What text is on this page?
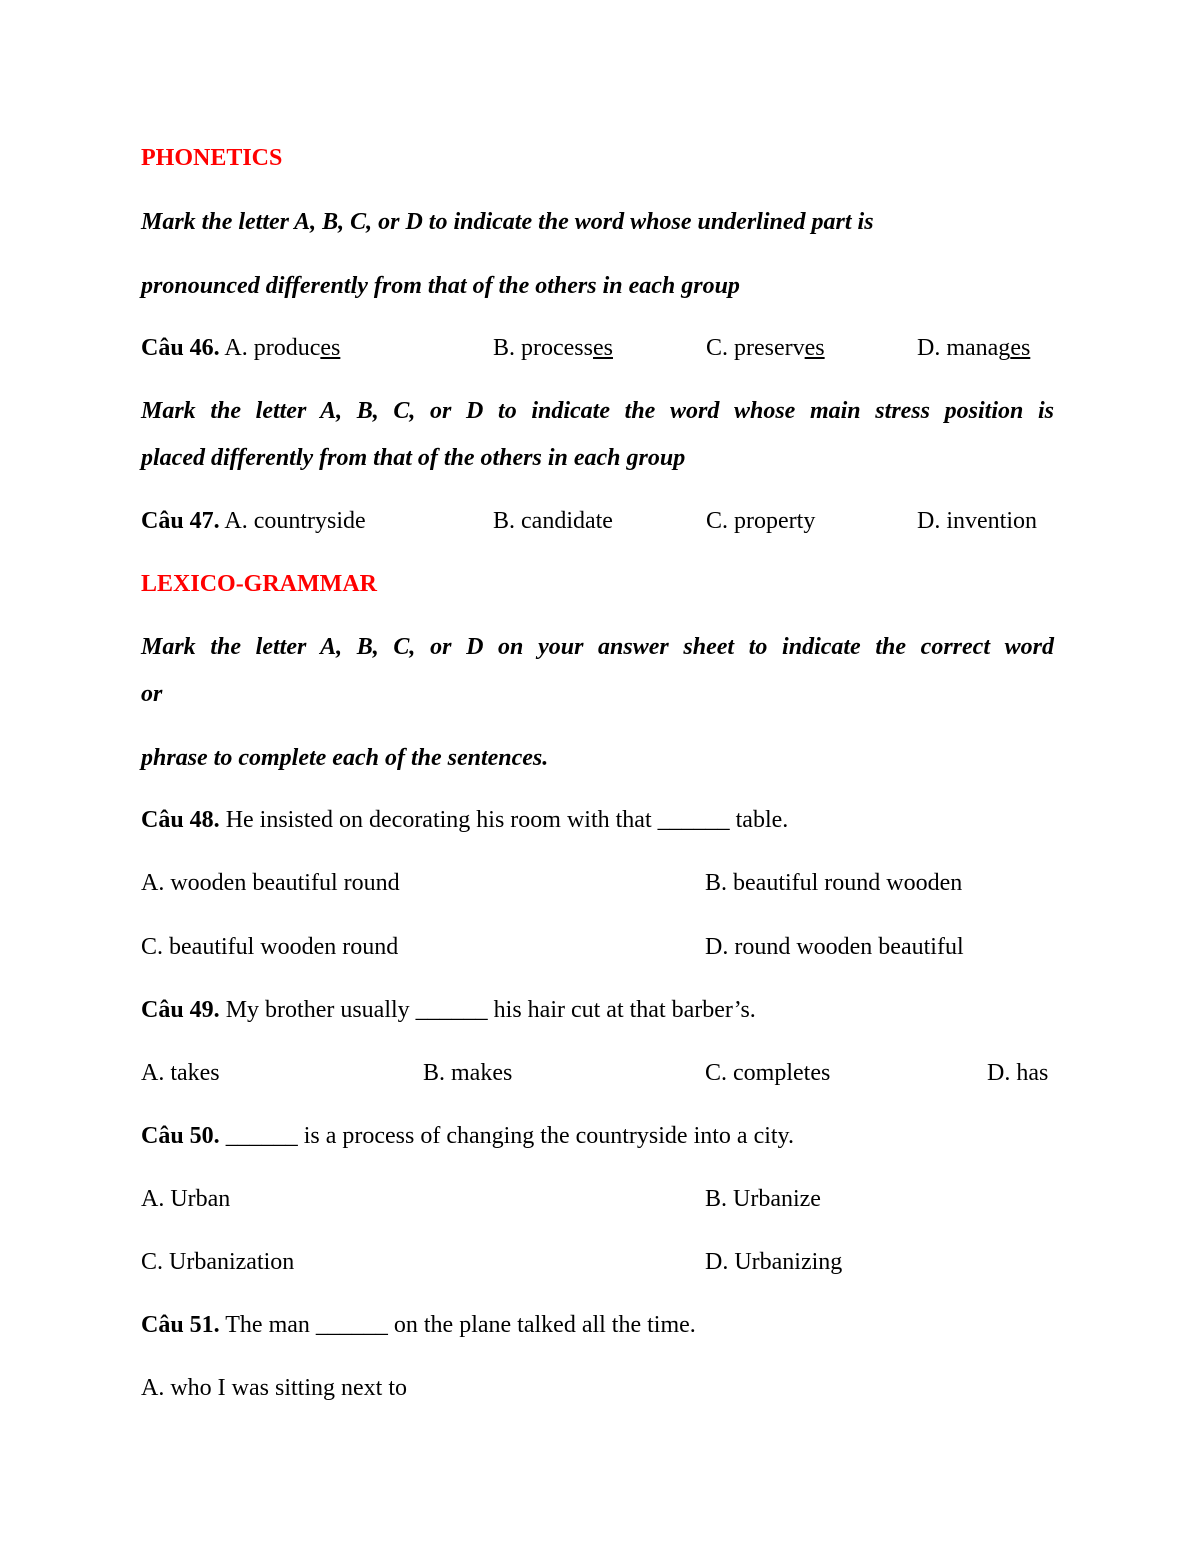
PHONETICS
Mark the letter A, B, C, or D to indicate the word whose underlined part is
pronounced differently from that of the others in each group
Câu 46. A. produces	B. processes	C. preserves	D. manages
Mark the letter A, B, C, or D to indicate the word whose main stress position is
placed differently from that of the others in each group
Câu 47. A. countryside	B. candidate	C. property	D. invention
LEXICO-GRAMMAR
Mark the letter A, B, C, or D on your answer sheet to indicate the correct word
or
phrase to complete each of the sentences.
Câu 48. He insisted on decorating his room with that ______ table.
A. wooden beautiful round	B. beautiful round wooden
C. beautiful wooden round	D. round wooden beautiful
Câu 49. My brother usually ______ his hair cut at that barber’s.
A. takes	B. makes	C. completes	D. has
Câu 50. ______ is a process of changing the countryside into a city.
A. Urban	B. Urbanize
C. Urbanization	D. Urbanizing
Câu 51. The man ______ on the plane talked all the time.
A. who I was sitting next to
